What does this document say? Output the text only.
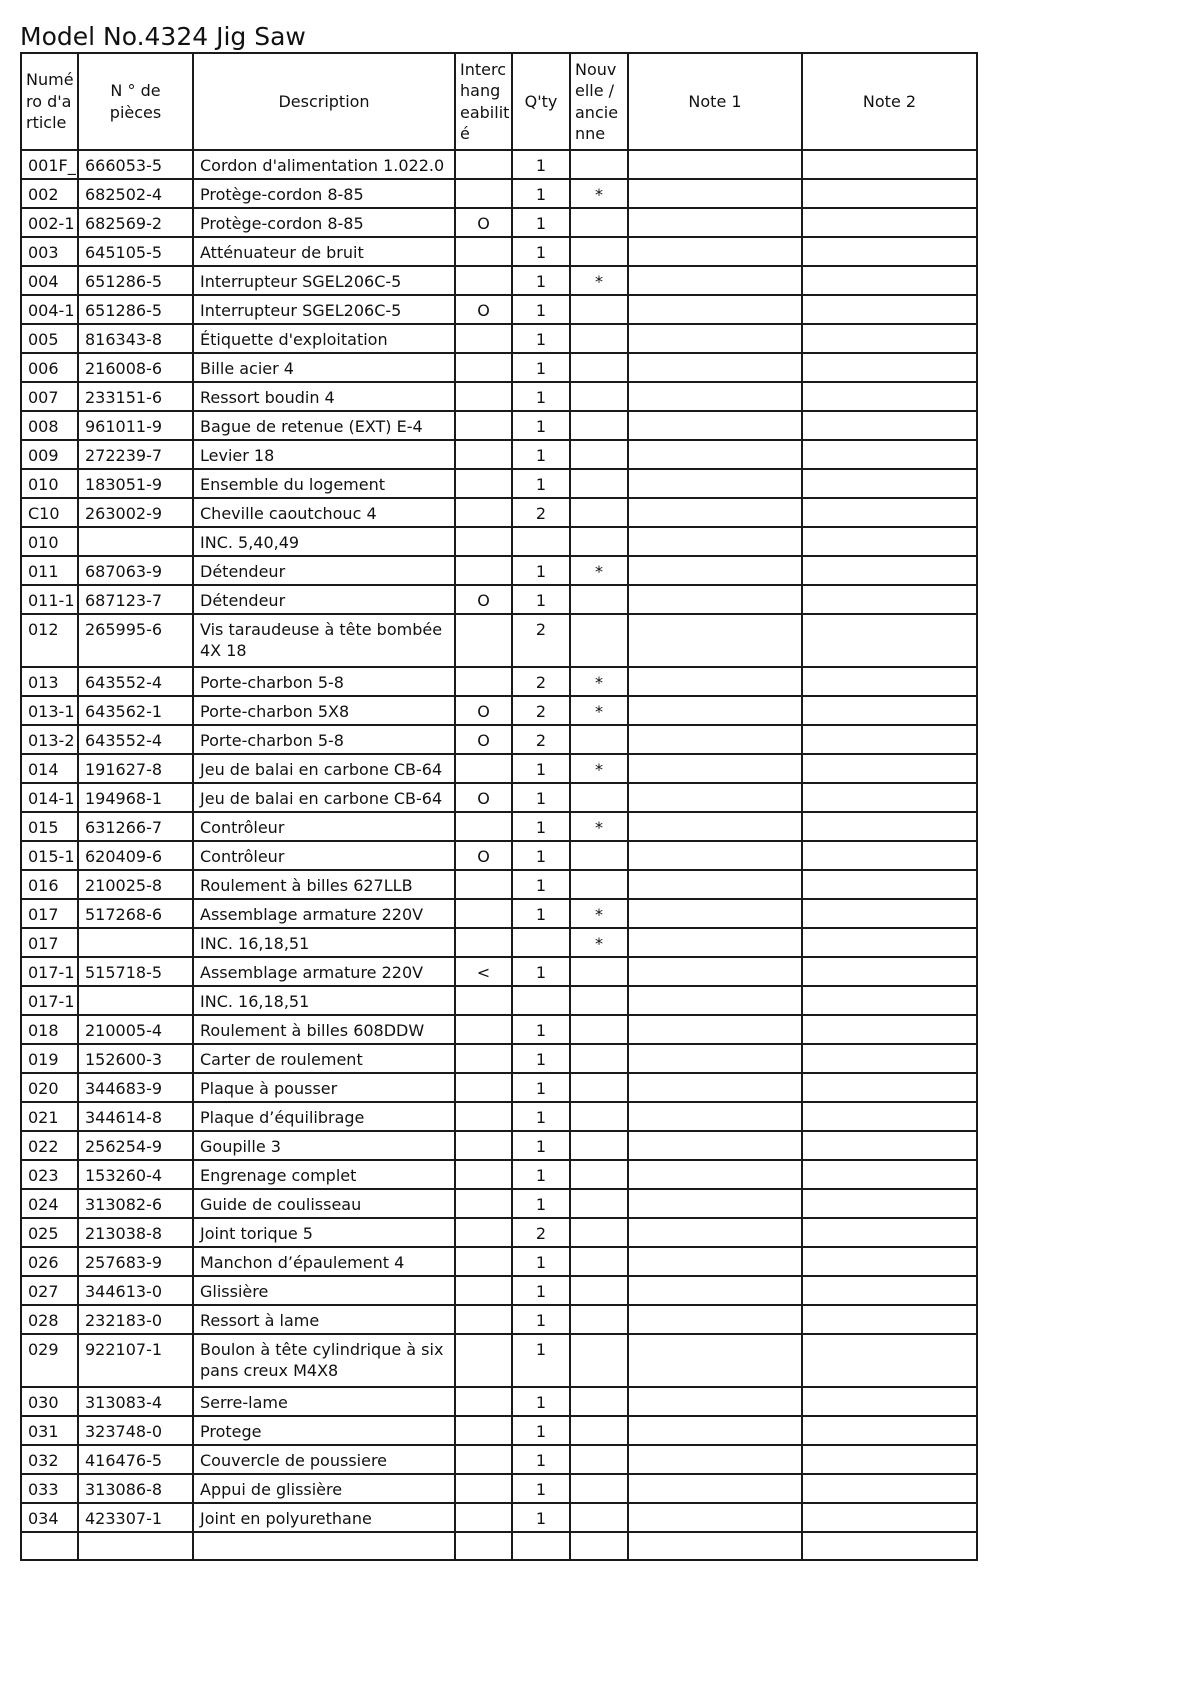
Model No.4324 Jig Saw
Numé ro d'a rticle	N ° de pièces	Description	Interc hang eabilit é	Q'ty	Nouv elle / ancie nne	Note 1	Note 2
001F_	666053-5	Cordon d'alimentation 1.0​22.0		1			
002	682502-4	Protège-cordon 8-85		1	*		
002-1	682569-2	Protège-cordon 8-85	O	1			
003	645105-5	Atténuateur de bruit		1			
004	651286-5	Interrupteur SGEL206C-5		1	*		
004-1	651286-5	Interrupteur SGEL206C-5	O	1			
005	816343-8	Étiquette d'exploitation		1			
006	216008-6	Bille acier 4		1			
007	233151-6	Ressort boudin 4		1			
008	961011-9	Bague de retenue (EXT) E-4		1			
009	272239-7	Levier 18		1			
010	183051-9	Ensemble du logement		1			
C10	263002-9	Cheville caoutchouc 4		2			
010		INC. 5,40,49					
011	687063-9	Détendeur		1	*		
011-1	687123-7	Détendeur	O	1			
012	265995-6	Vis taraudeuse à tête bombée 4X 18		2			
013	643552-4	Porte-charbon 5-8		2	*		
013-1	643562-1	Porte-charbon 5X8	O	2	*		
013-2	643552-4	Porte-charbon 5-8	O	2			
014	191627-8	Jeu de balai en carbone CB-64		1	*		
014-1	194968-1	Jeu de balai en carbone CB-64	O	1			
015	631266-7	Contrôleur		1	*		
015-1	620409-6	Contrôleur	O	1			
016	210025-8	Roulement à billes 627LLB		1			
017	517268-6	Assemblage armature 220V		1	*		
017		INC. 16,18,51			*		
017-1	515718-5	Assemblage armature 220V	<	1			
017-1		INC. 16,18,51					
018	210005-4	Roulement à billes 608DDW		1			
019	152600-3	Carter de roulement		1			
020	344683-9	Plaque à pousser		1			
021	344614-8	Plaque d’équilibrage		1			
022	256254-9	Goupille 3		1			
023	153260-4	Engrenage complet		1			
024	313082-6	Guide de coulisseau		1			
025	213038-8	Joint torique 5		2			
026	257683-9	Manchon d’épaulement 4		1			
027	344613-0	Glissière		1			
028	232183-0	Ressort à lame		1			
029	922107-1	Boulon à tête cylindrique à six pans creux M4X8		1			
030	313083-4	Serre-lame		1			
031	323748-0	Protege		1			
032	416476-5	Couvercle de poussiere		1			
033	313086-8	Appui de glissière		1			
034	423307-1	Joint en polyurethane		1			
